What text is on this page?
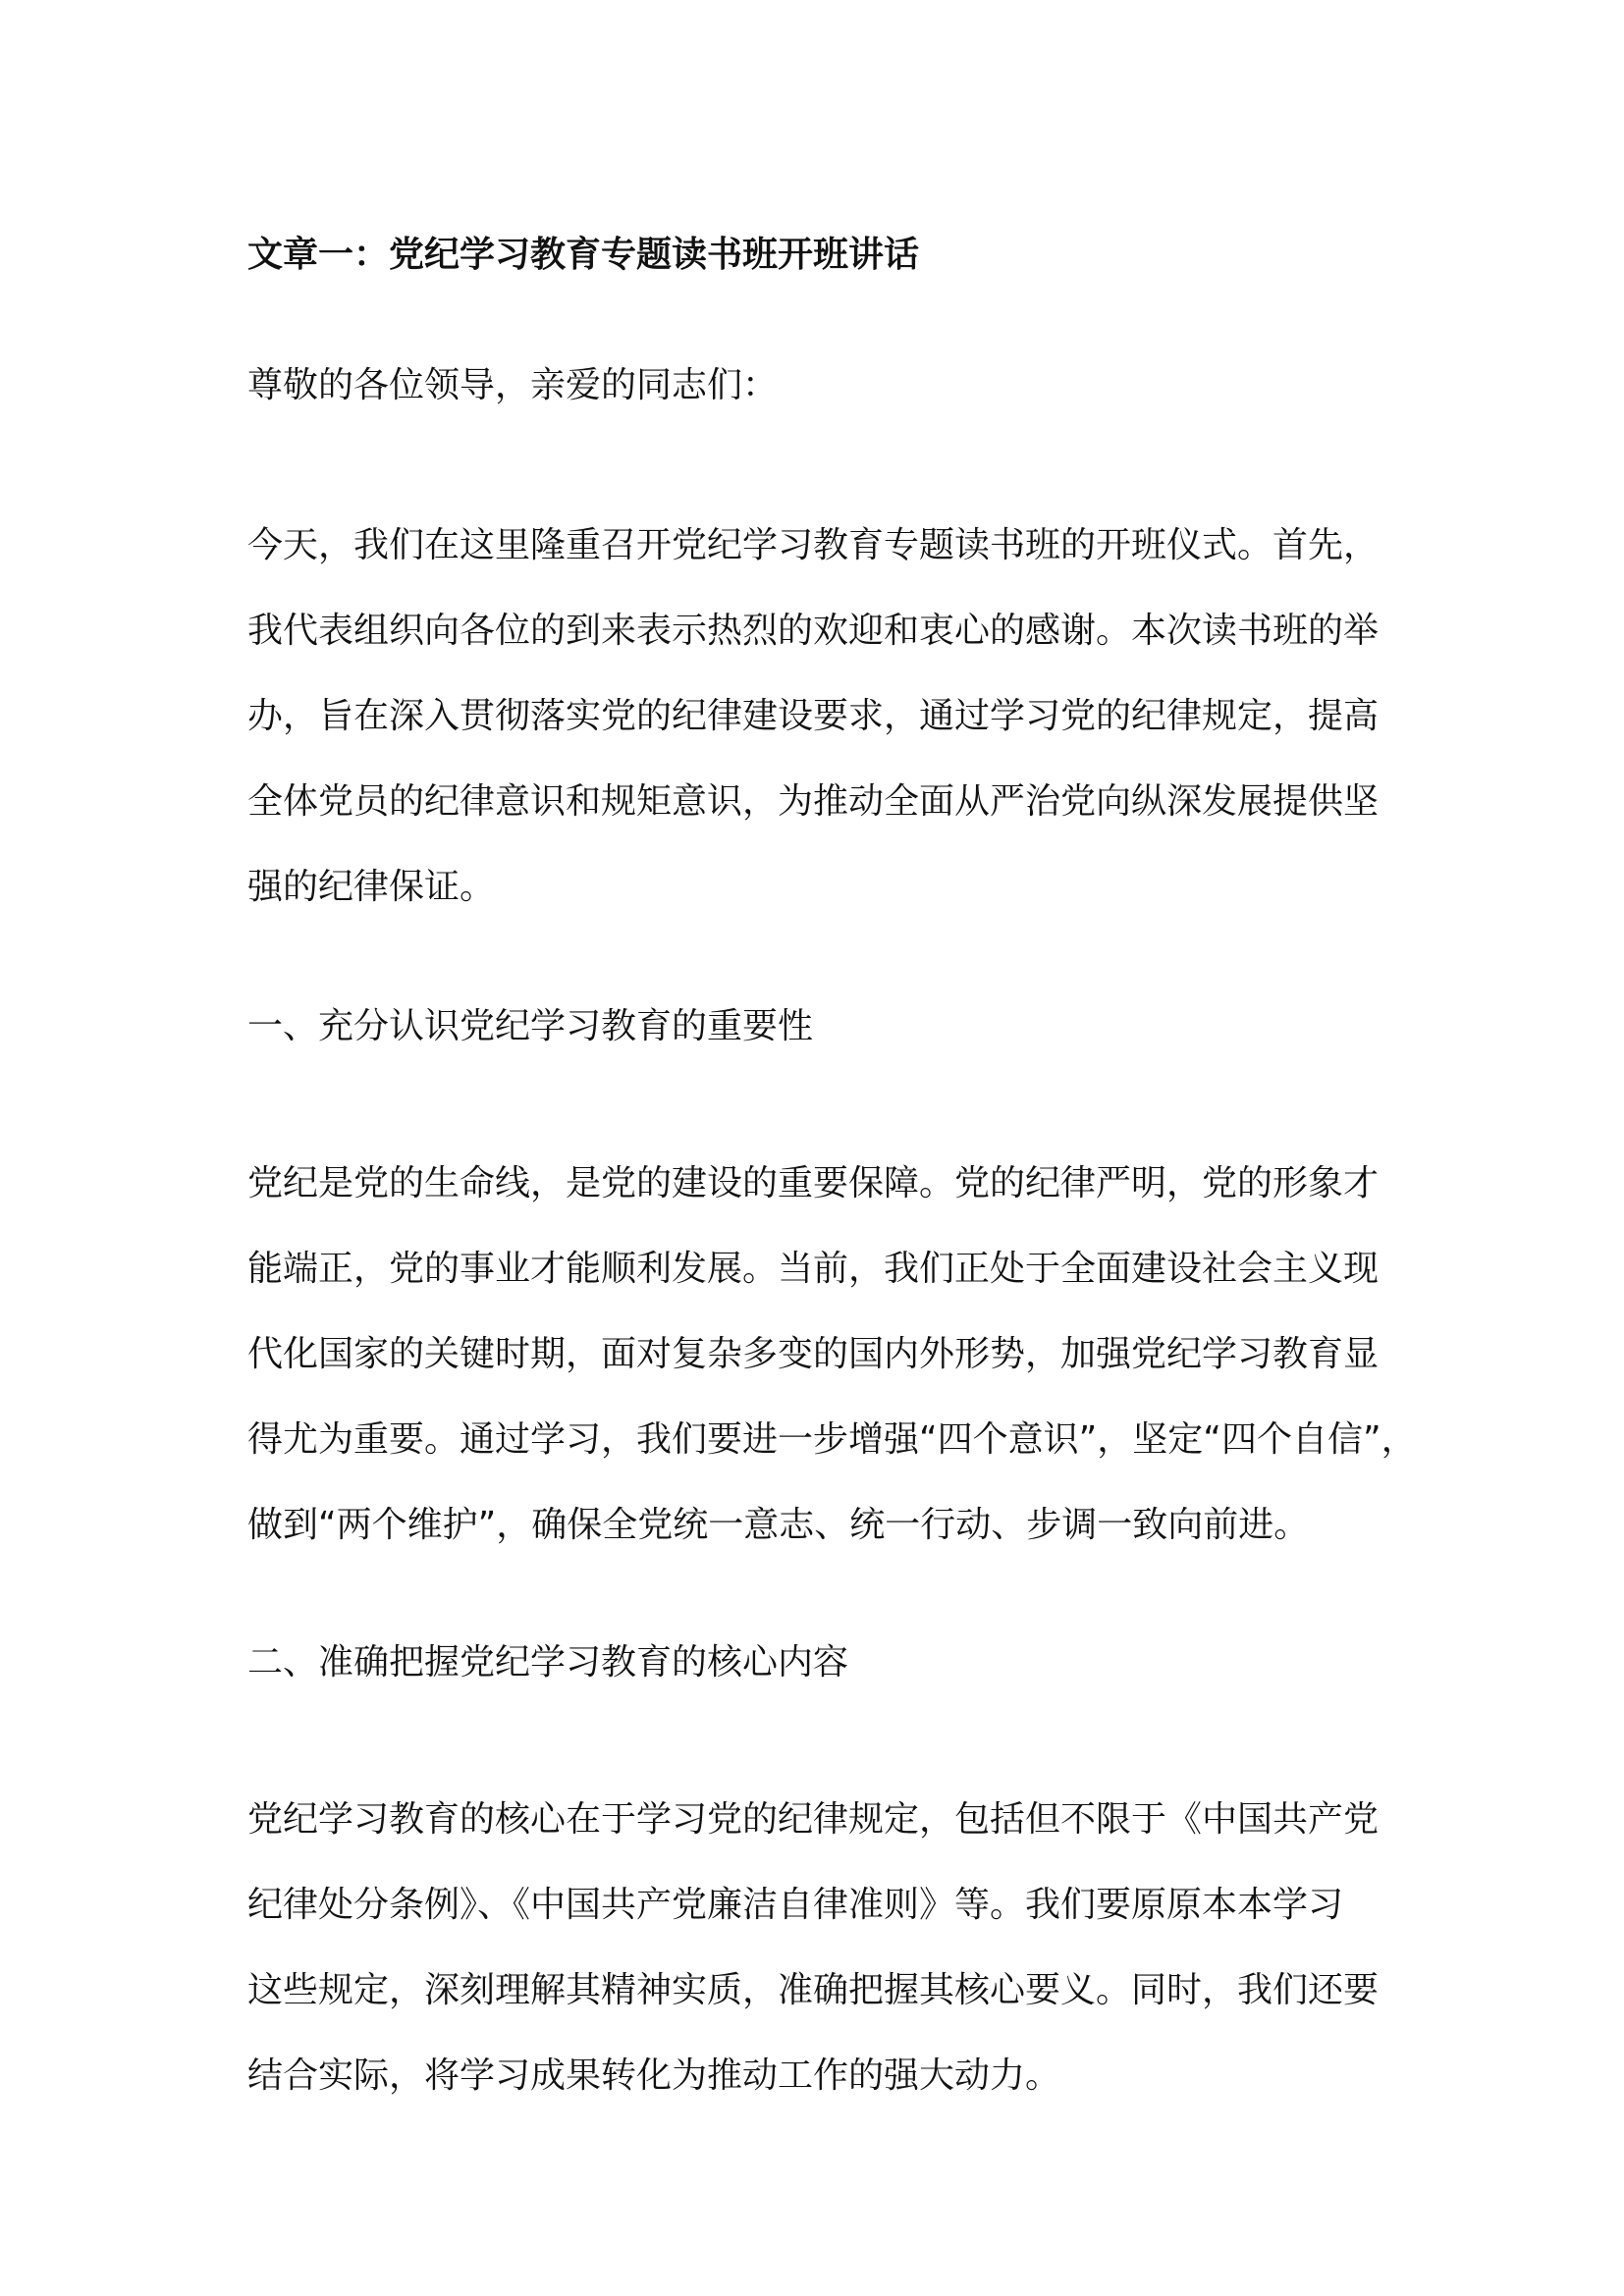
文章一：党纪学习教育专题读书班开班讲话

尊敬的各位领导，亲爱的同志们：

今天，我们在这里隆重召开党纪学习教育专题读书班的开班仪式。首先，
我代表组织向各位的到来表示热烈的欢迎和衷心的感谢。本次读书班的举
办，旨在深入贯彻落实党的纪律建设要求，通过学习党的纪律规定，提高
全体党员的纪律意识和规矩意识，为推动全面从严治党向纵深发展提供坚
强的纪律保证。

一、充分认识党纪学习教育的重要性

党纪是党的生命线，是党的建设的重要保障。党的纪律严明，党的形象才
能端正，党的事业才能顺利发展。当前，我们正处于全面建设社会主义现
代化国家的关键时期，面对复杂多变的国内外形势，加强党纪学习教育显
得尤为重要。通过学习，我们要进一步增强“四个意识”，坚定“四个自信”，
做到“两个维护”，确保全党统一意志、统一行动、步调一致向前进。

二、准确把握党纪学习教育的核心内容

党纪学习教育的核心在于学习党的纪律规定，包括但不限于《中国共产党
纪律处分条例》、《中国共产党廉洁自律准则》等。我们要原原本本学习
这些规定，深刻理解其精神实质，准确把握其核心要义。同时，我们还要
结合实际，将学习成果转化为推动工作的强大动力。
